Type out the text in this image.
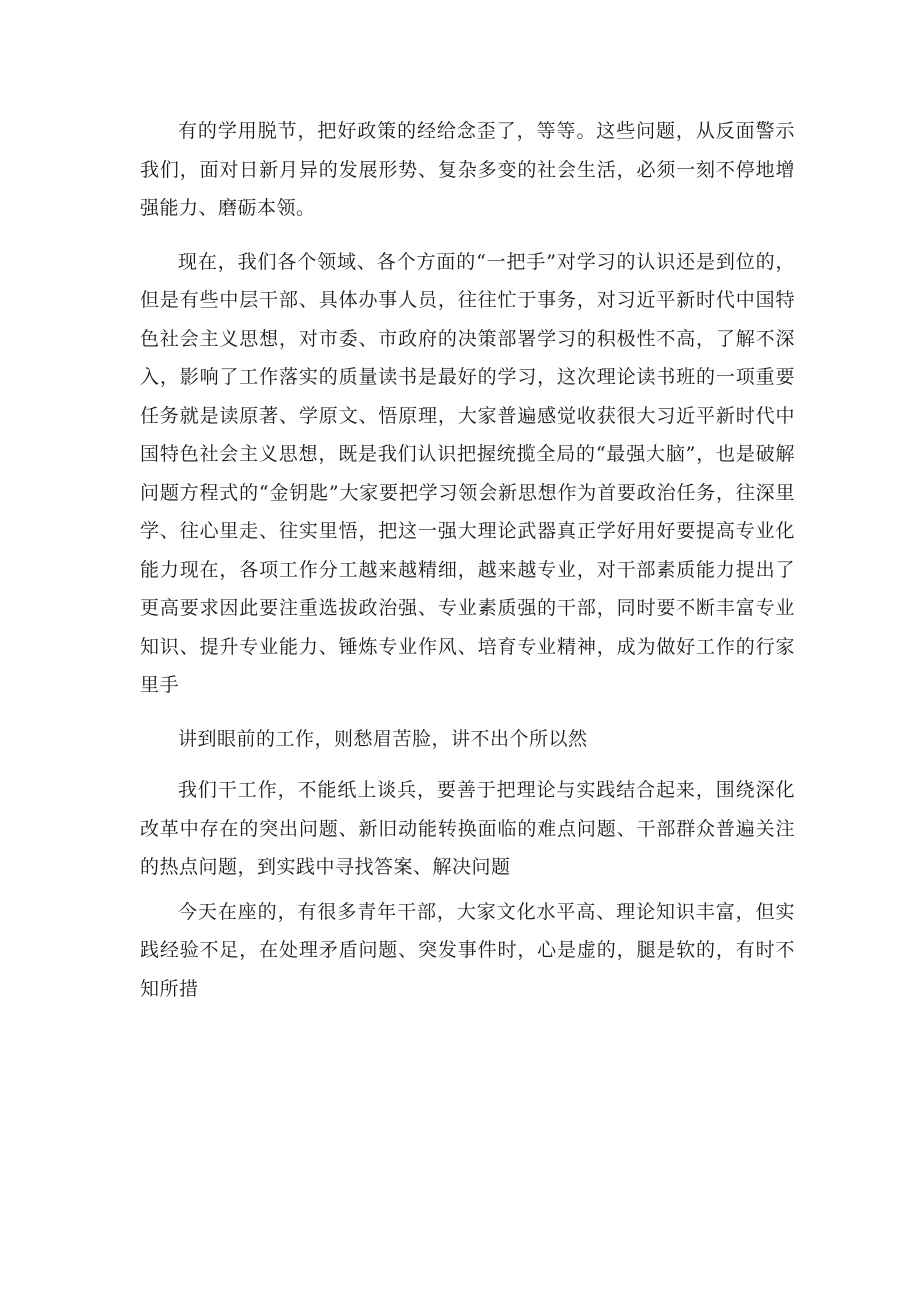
有的学用脱节，把好政策的经给念歪了，等等。这些问题，从反面警示我们，面对日新月异的发展形势、复杂多变的社会生活，必须一刻不停地增强能力、磨砺本领。

现在，我们各个领域、各个方面的“一把手”对学习的认识还是到位的，但是有些中层干部、具体办事人员，往往忙于事务，对习近平新时代中国特色社会主义思想，对市委、市政府的决策部署学习的积极性不高，了解不深入，影响了工作落实的质量读书是最好的学习，这次理论读书班的一项重要任务就是读原著、学原文、悟原理，大家普遍感觉收获很大习近平新时代中国特色社会主义思想，既是我们认识把握统揽全局的“最强大脑”，也是破解问题方程式的“金钥匙”大家要把学习领会新思想作为首要政治任务，往深里学、往心里走、往实里悟，把这一强大理论武器真正学好用好要提高专业化能力现在，各项工作分工越来越精细，越来越专业，对干部素质能力提出了更高要求因此要注重选拔政治强、专业素质强的干部，同时要不断丰富专业知识、提升专业能力、锤炼专业作风、培育专业精神，成为做好工作的行家里手

讲到眼前的工作，则愁眉苦脸，讲不出个所以然

我们干工作，不能纸上谈兵，要善于把理论与实践结合起来，围绕深化改革中存在的突出问题、新旧动能转换面临的难点问题、干部群众普遍关注的热点问题，到实践中寻找答案、解决问题

今天在座的，有很多青年干部，大家文化水平高、理论知识丰富，但实践经验不足，在处理矛盾问题、突发事件时，心是虚的，腿是软的，有时不知所措
